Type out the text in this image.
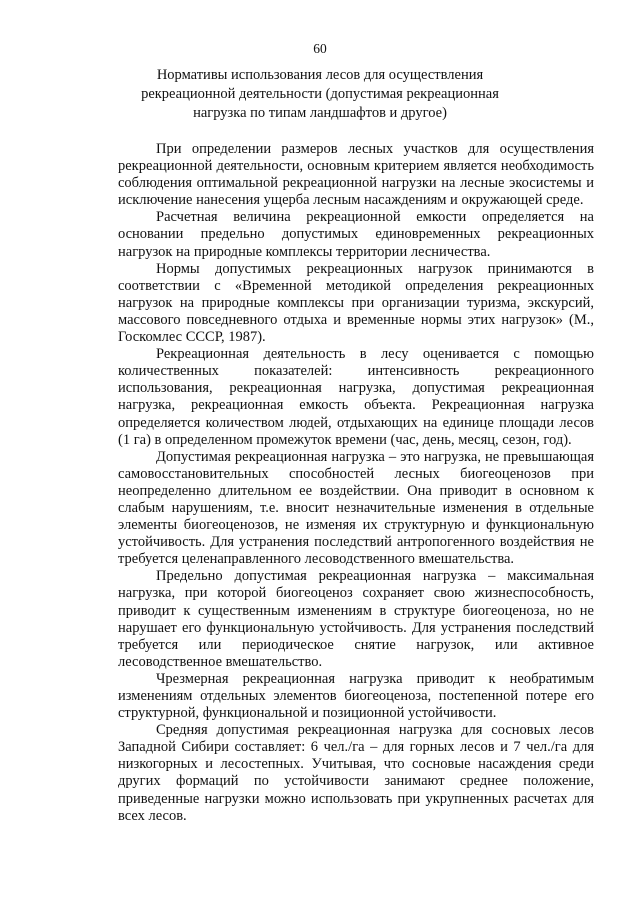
60
Нормативы использования лесов для осуществления
рекреационной деятельности (допустимая рекреационная
нагрузка по типам ландшафтов и другое)

При определении размеров лесных участков для осуществления рекреационной деятельности, основным критерием является необходимость соблюдения оптимальной рекреационной нагрузки на лесные экосистемы и исключение нанесения ущерба лесным насаждениям и окружающей среде.

Расчетная величина рекреационной емкости определяется на основании предельно допустимых единовременных рекреационных нагрузок на природные комплексы территории лесничества.

Нормы допустимых рекреационных нагрузок принимаются в соответствии с «Временной методикой определения рекреационных нагрузок на природные комплексы при организации туризма, экскурсий, массового повседневного отдыха и временные нормы этих нагрузок» (М., Госкомлес СССР, 1987).

Рекреационная деятельность в лесу оценивается с помощью количественных показателей: интенсивность рекреационного использования, рекреационная нагрузка, допустимая рекреационная нагрузка, рекреационная емкость объекта. Рекреационная нагрузка определяется количеством людей, отдыхающих на единице площади лесов (1 га) в определенном промежуток времени (час, день, месяц, сезон, год).

Допустимая рекреационная нагрузка – это нагрузка, не превышающая самовосстановительных способностей лесных биогеоценозов при неопределенно длительном ее воздействии. Она приводит в основном к слабым нарушениям, т.е. вносит незначительные изменения в отдельные элементы биогеоценозов, не изменяя их структурную и функциональную устойчивость. Для устранения последствий антропогенного воздействия не требуется целенаправленного лесоводственного вмешательства.

Предельно допустимая рекреационная нагрузка – максимальная нагрузка, при которой биогеоценоз сохраняет свою жизнеспособность, приводит к существенным изменениям в структуре биогеоценоза, но не нарушает его функциональную устойчивость. Для устранения последствий требуется или периодическое снятие нагрузок, или активное лесоводственное вмешательство.

Чрезмерная рекреационная нагрузка приводит к необратимым изменениям отдельных элементов биогеоценоза, постепенной потере его структурной, функциональной и позиционной устойчивости.

Средняя допустимая рекреационная нагрузка для сосновых лесов Западной Сибири составляет: 6 чел./га – для горных лесов и 7 чел./га для низкогорных и лесостепных. Учитывая, что сосновые насаждения среди других формаций по устойчивости занимают среднее положение, приведенные нагрузки можно использовать при укрупненных расчетах для всех лесов.
